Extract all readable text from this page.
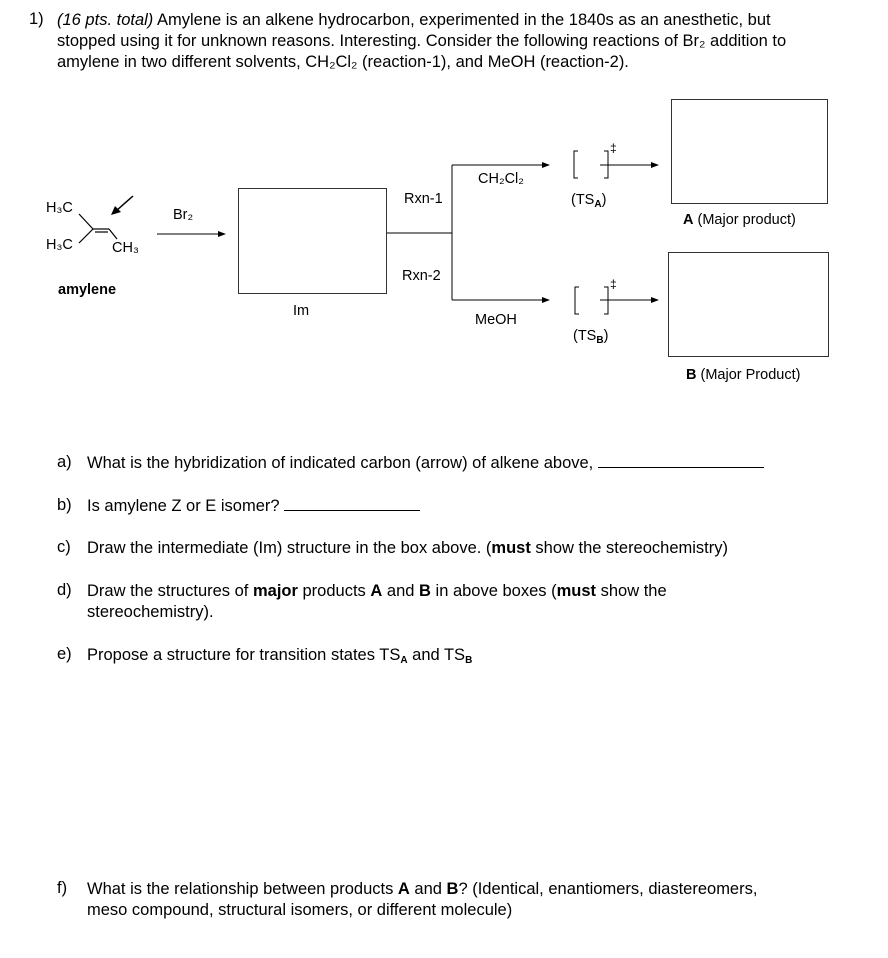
1) (16 pts. total) Amylene is an alkene hydrocarbon, experimented in the 1840s as an anesthetic, but
stopped using it for unknown reasons. Interesting. Consider the following reactions of Br₂ addition to
amylene in two different solvents, CH₂Cl₂ (reaction-1), and MeOH (reaction-2).
H₃C
H₃C	CH₃
amylene
Br₂
Im
Rxn-1
Rxn-2
CH₂Cl₂
MeOH
‡
‡
$(TS_A)$
$(TS_B)$
A (Major product)
B (Major Product)
a) What is the hybridization of indicated carbon (arrow) of alkene above,
b) Is amylene Z or E isomer?
c) Draw the intermediate (Im) structure in the box above. (must show the stereochemistry)
d) Draw the structures of major products A and B in above boxes (must show the
stereochemistry).
e) Propose a structure for transition states TSA and TSB
f) What is the relationship between products A and B? (Identical, enantiomers, diastereomers,
meso compound, structural isomers, or different molecule)
